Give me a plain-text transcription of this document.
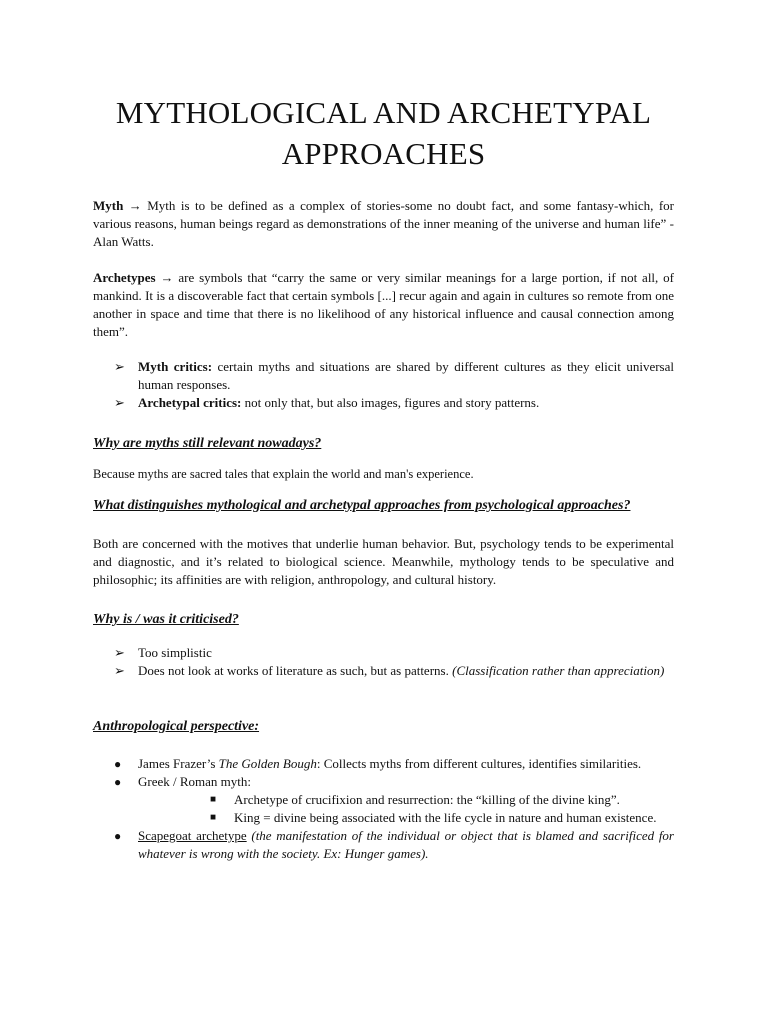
MYTHOLOGICAL AND ARCHETYPAL
APPROACHES

Myth → Myth is to be defined as a complex of stories-some no doubt fact, and some fantasy-which, for various reasons, human beings regard as demonstrations of the inner meaning of the universe and human life” -Alan Watts.

Archetypes → are symbols that “carry the same or very similar meanings for a large portion, if not all, of mankind. It is a discoverable fact that certain symbols [...] recur again and again in cultures so remote from one another in space and time that there is no likelihood of any historical influence and causal connection among them”.

➢ Myth critics: certain myths and situations are shared by different cultures as they elicit universal human responses.
➢ Archetypal critics: not only that, but also images, figures and story patterns.
Why are myths still relevant nowadays?

Because myths are sacred tales that explain the world and man's experience.

What distinguishes mythological and archetypal approaches from psychological approaches?

Both are concerned with the motives that underlie human behavior. But, psychology tends to be experimental and diagnostic, and it’s related to biological science. Meanwhile, mythology tends to be speculative and philosophic; its affinities are with religion, anthropology, and cultural history.

Why is / was it criticised?
➢ Too simplistic
➢ Does not look at works of literature as such, but as patterns. (Classification rather than appreciation)
Anthropological perspective:
● James Frazer’s The Golden Bough: Collects myths from different cultures, identifies similarities.
● Greek / Roman myth:
■ Archetype of crucifixion and resurrection: the “killing of the divine king”.
■ King = divine being associated with the life cycle in nature and human existence.
● Scapegoat archetype (the manifestation of the individual or object that is blamed and sacrificed for whatever is wrong with the society. Ex: Hunger games).
